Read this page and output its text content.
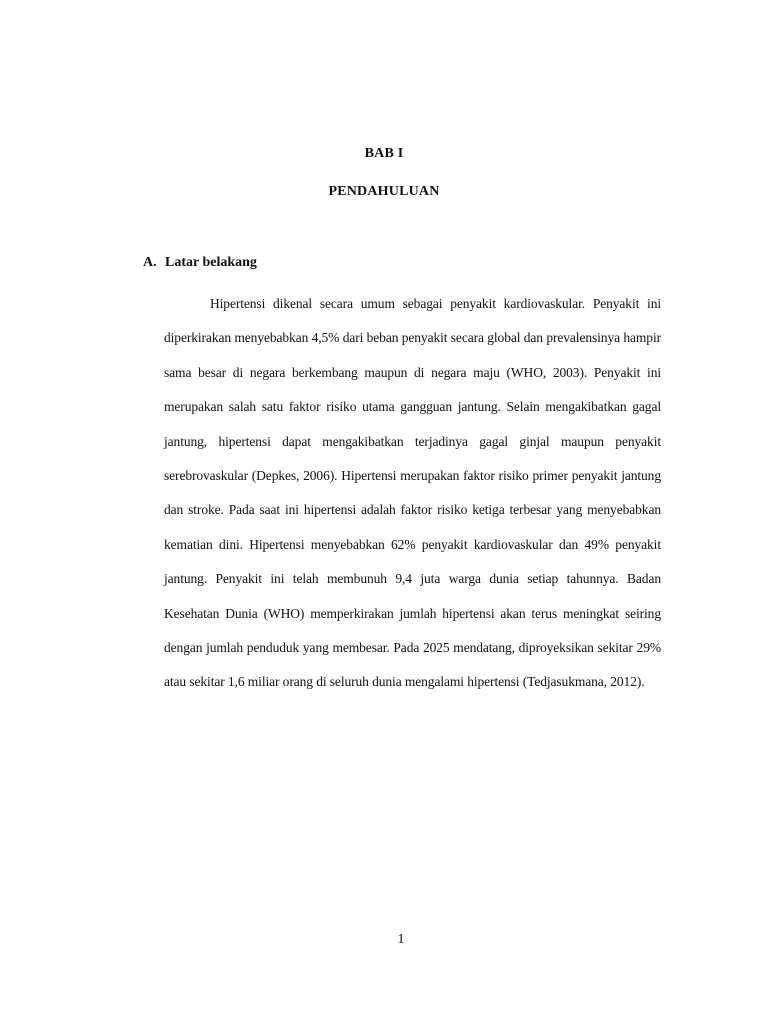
BAB I
PENDAHULUAN
A. Latar belakang

Hipertensi dikenal secara umum sebagai penyakit kardiovaskular. Penyakit ini diperkirakan menyebabkan 4,5% dari beban penyakit secara global dan prevalensinya hampir sama besar di negara berkembang maupun di negara maju (WHO, 2003). Penyakit ini merupakan salah satu faktor risiko utama gangguan jantung. Selain mengakibatkan gagal jantung, hipertensi dapat mengakibatkan terjadinya gagal ginjal maupun penyakit serebrovaskular (Depkes, 2006). Hipertensi merupakan faktor risiko primer penyakit jantung dan stroke. Pada saat ini hipertensi adalah faktor risiko ketiga terbesar yang menyebabkan kematian dini. Hipertensi menyebabkan 62% penyakit kardiovaskular dan 49% penyakit jantung. Penyakit ini telah membunuh 9,4 juta warga dunia setiap tahunnya. Badan Kesehatan Dunia (WHO) memperkirakan jumlah hipertensi akan terus meningkat seiring dengan jumlah penduduk yang membesar. Pada 2025 mendatang, diproyeksikan sekitar 29% atau sekitar 1,6 miliar orang di seluruh dunia mengalami hipertensi (Tedjasukmana, 2012).

1
